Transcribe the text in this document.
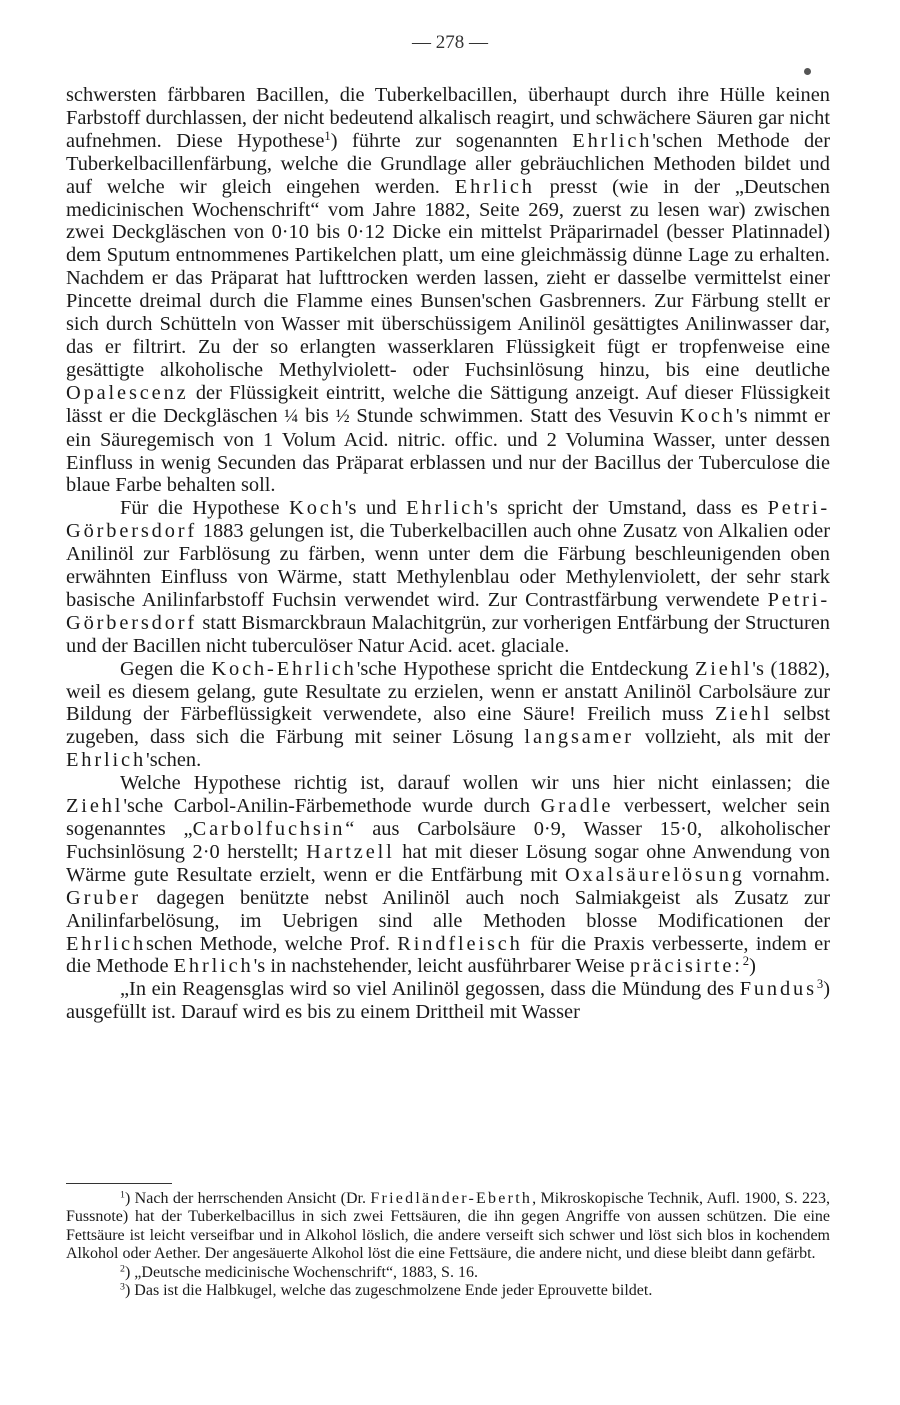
— 278 —

schwersten färbbaren Bacillen, die Tuberkelbacillen, überhaupt durch ihre Hülle keinen Farbstoff durchlassen, der nicht bedeutend alkalisch reagirt, und schwächere Säuren gar nicht aufnehmen. Diese Hypothese$^1$) führte zur sogenannten Ehrlich'schen Methode der Tuberkelbacillenfärbung, welche die Grundlage aller gebräuchlichen Methoden bildet und auf welche wir gleich eingehen werden. Ehrlich presst (wie in der „Deutschen medicinischen Wochenschrift“ vom Jahre 1882, Seite 269, zuerst zu lesen war) zwischen zwei Deckgläschen von 0·10 bis 0·12 Dicke ein mittelst Präparirnadel (besser Platinnadel) dem Sputum entnommenes Partikelchen platt, um eine gleichmässig dünne Lage zu erhalten. Nachdem er das Präparat hat lufttrocken werden lassen, zieht er dasselbe vermittelst einer Pincette dreimal durch die Flamme eines Bunsen'schen Gasbrenners. Zur Färbung stellt er sich durch Schütteln von Wasser mit überschüssigem Anilinöl gesättigtes Anilinwasser dar, das er filtrirt. Zu der so erlangten wasserklaren Flüssigkeit fügt er tropfenweise eine gesättigte alkoholische Methylviolett- oder Fuchsinlösung hinzu, bis eine deutliche Opalescenz der Flüssigkeit eintritt, welche die Sättigung anzeigt. Auf dieser Flüssigkeit lässt er die Deckgläschen ¼ bis ½ Stunde schwimmen. Statt des Vesuvin Koch's nimmt er ein Säuregemisch von 1 Volum Acid. nitric. offic. und 2 Volumina Wasser, unter dessen Einfluss in wenig Secunden das Präparat erblassen und nur der Bacillus der Tuberculose die blaue Farbe behalten soll.

Für die Hypothese Koch's und Ehrlich's spricht der Umstand, dass es Petri-Görbersdorf 1883 gelungen ist, die Tuberkelbacillen auch ohne Zusatz von Alkalien oder Anilinöl zur Farblösung zu färben, wenn unter dem die Färbung beschleunigenden oben erwähnten Einfluss von Wärme, statt Methylenblau oder Methylenviolett, der sehr stark basische Anilinfarbstoff Fuchsin verwendet wird. Zur Contrastfärbung verwendete Petri-Görbersdorf statt Bismarckbraun Malachitgrün, zur vorherigen Entfärbung der Structuren und der Bacillen nicht tuberculöser Natur Acid. acet. glaciale.

Gegen die Koch-Ehrlich'sche Hypothese spricht die Entdeckung Ziehl's (1882), weil es diesem gelang, gute Resultate zu erzielen, wenn er anstatt Anilinöl Carbolsäure zur Bildung der Färbeflüssigkeit verwendete, also eine Säure! Freilich muss Ziehl selbst zugeben, dass sich die Färbung mit seiner Lösung langsamer vollzieht, als mit der Ehrlich'schen.

Welche Hypothese richtig ist, darauf wollen wir uns hier nicht einlassen; die Ziehl'sche Carbol-Anilin-Färbemethode wurde durch Gradle verbessert, welcher sein sogenanntes „Carbolfuchsin“ aus Carbolsäure 0·9, Wasser 15·0, alkoholischer Fuchsinlösung 2·0 herstellt; Hartzell hat mit dieser Lösung sogar ohne Anwendung von Wärme gute Resultate erzielt, wenn er die Entfärbung mit Oxalsäurelösung vornahm. Gruber dagegen benützte nebst Anilinöl auch noch Salmiakgeist als Zusatz zur Anilinfarbelösung, im Uebrigen sind alle Methoden blosse Modificationen der Ehrlichschen Methode, welche Prof. Rindfleisch für die Praxis verbesserte, indem er die Methode Ehrlich's in nachstehender, leicht ausführbarer Weise präcisirte:$^2$)

„In ein Reagensglas wird so viel Anilinöl gegossen, dass die Mündung des Fundus$^3$) ausgefüllt ist. Darauf wird es bis zu einem Drittheil mit Wasser

$^1$) Nach der herrschenden Ansicht (Dr. Friedländer-Eberth, Mikroskopische Technik, Aufl. 1900, S. 223, Fussnote) hat der Tuberkelbacillus in sich zwei Fettsäuren, die ihn gegen Angriffe von aussen schützen. Die eine Fettsäure ist leicht verseifbar und in Alkohol löslich, die andere verseift sich schwer und löst sich blos in kochendem Alkohol oder Aether. Der angesäuerte Alkohol löst die eine Fettsäure, die andere nicht, und diese bleibt dann gefärbt.

$^2$) „Deutsche medicinische Wochenschrift“, 1883, S. 16.

$^3$) Das ist die Halbkugel, welche das zugeschmolzene Ende jeder Eprouvette bildet.
